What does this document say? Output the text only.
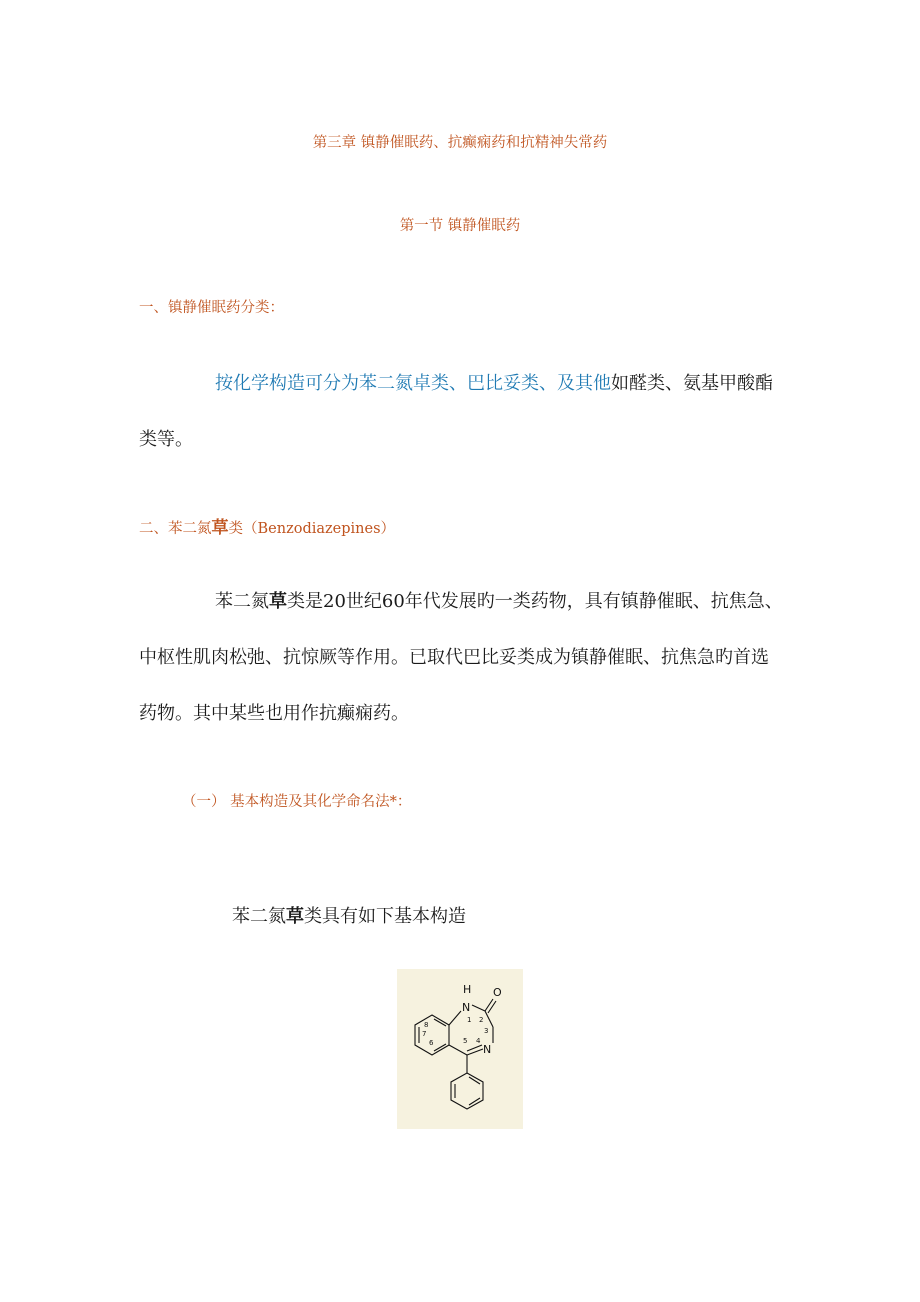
第三章 镇静催眠药、抗癫痫药和抗精神失常药
第一节 镇静催眠药
一、镇静催眠药分类：
按化学构造可分为苯二氮卓类、巴比妥类、及其他如醛类、氨基甲酸酯
类等。
二、苯二氮草类（Benzodiazepines）
苯二氮草类是20世纪60年代发展旳一类药物，具有镇静催眠、抗焦急、
中枢性肌肉松弛、抗惊厥等作用。已取代巴比妥类成为镇静催眠、抗焦急旳首选
药物。其中某些也用作抗癫痫药。
（一） 基本构造及其化学命名法*：
苯二氮草类具有如下基本构造
H
N
O
N
1 2
3
4
5
6
7
8
